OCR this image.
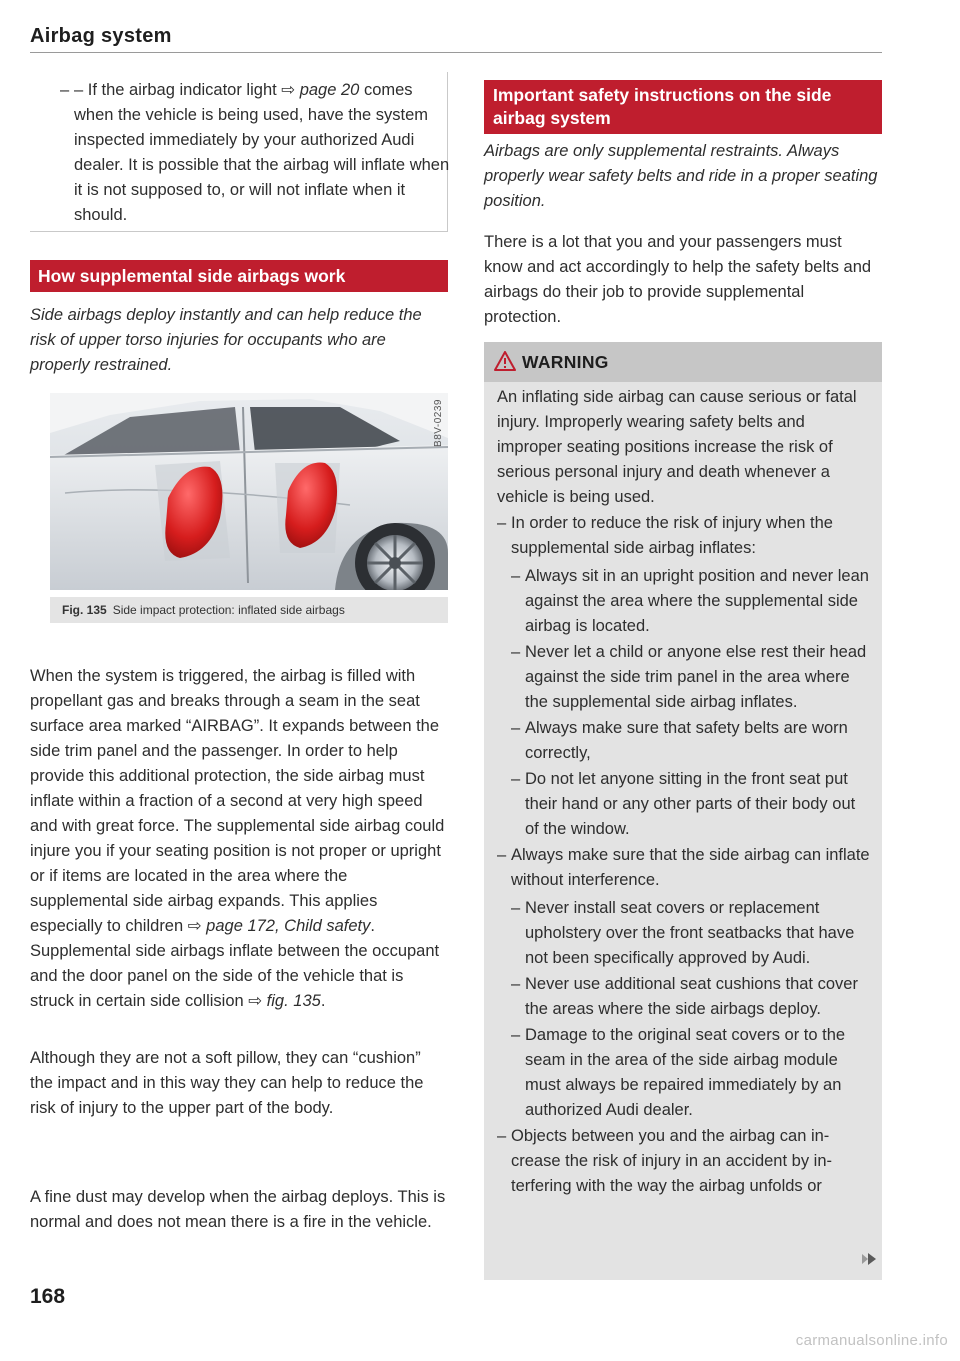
Airbag system
– – If the airbag indicator light ⇨ page 20 comes when the vehicle is being used, have the system inspected immediately by your authorized Audi dealer. It is possible that the airbag will inflate when it is not supposed to, or will not inflate when it should.
How supplemental side airbags work
Side airbags deploy instantly and can help reduce the risk of upper torso injuries for occupants who are properly restrained.
B8V-0239
Fig. 135 Side impact protection: inflated side airbags
When the system is triggered, the airbag is filled with propellant gas and breaks through a seam in the seat surface area marked “AIRBAG”. It expands between the side trim panel and the passenger. In order to help provide this additional protection, the side airbag must inflate within a fraction of a second at very high speed and with great force. The supplemental side airbag could injure you if your seating position is not proper or upright or if items are located in the area where the supplemental side airbag expands. This applies especially to children ⇨ page 172, Child safety. Supplemental side airbags inflate between the occupant and the door panel on the side of the vehicle that is struck in certain side collision ⇨ fig. 135.
Although they are not a soft pillow, they can “cushion” the impact and in this way they can help to reduce the risk of injury to the upper part of the body.
A fine dust may develop when the airbag deploys. This is normal and does not mean there is a fire in the vehicle.
168
Important safety instructions on the side airbag system
Airbags are only supplemental restraints. Always properly wear safety belts and ride in a proper seating position.
There is a lot that you and your passengers must know and act accordingly to help the safety belts and airbags do their job to provide supplemental protection.
WARNING
An inflating side airbag can cause serious or fatal injury. Improperly wearing safety belts and improper seating positions increase the risk of serious personal injury and death whenever a vehicle is being used.
– In order to reduce the risk of injury when the supplemental side airbag inflates:
– Always sit in an upright position and never lean against the area where the supplemental side airbag is located.
– Never let a child or anyone else rest their head against the side trim panel in the area where the supplemental side airbag inflates.
– Always make sure that safety belts are worn correctly,
– Do not let anyone sitting in the front seat put their hand or any other parts of their body out of the window.
– Always make sure that the side airbag can inflate without interference.
– Never install seat covers or replacement upholstery over the front seatbacks that have not been specifically approved by Audi.
– Never use additional seat cushions that cover the areas where the side airbags deploy.
– Damage to the original seat covers or to the seam in the area of the side airbag module must always be repaired immediately by an authorized Audi dealer.
– Objects between you and the airbag can increase the risk of injury in an accident by interfering with the way the airbag unfolds or
carmanualsonline.info
